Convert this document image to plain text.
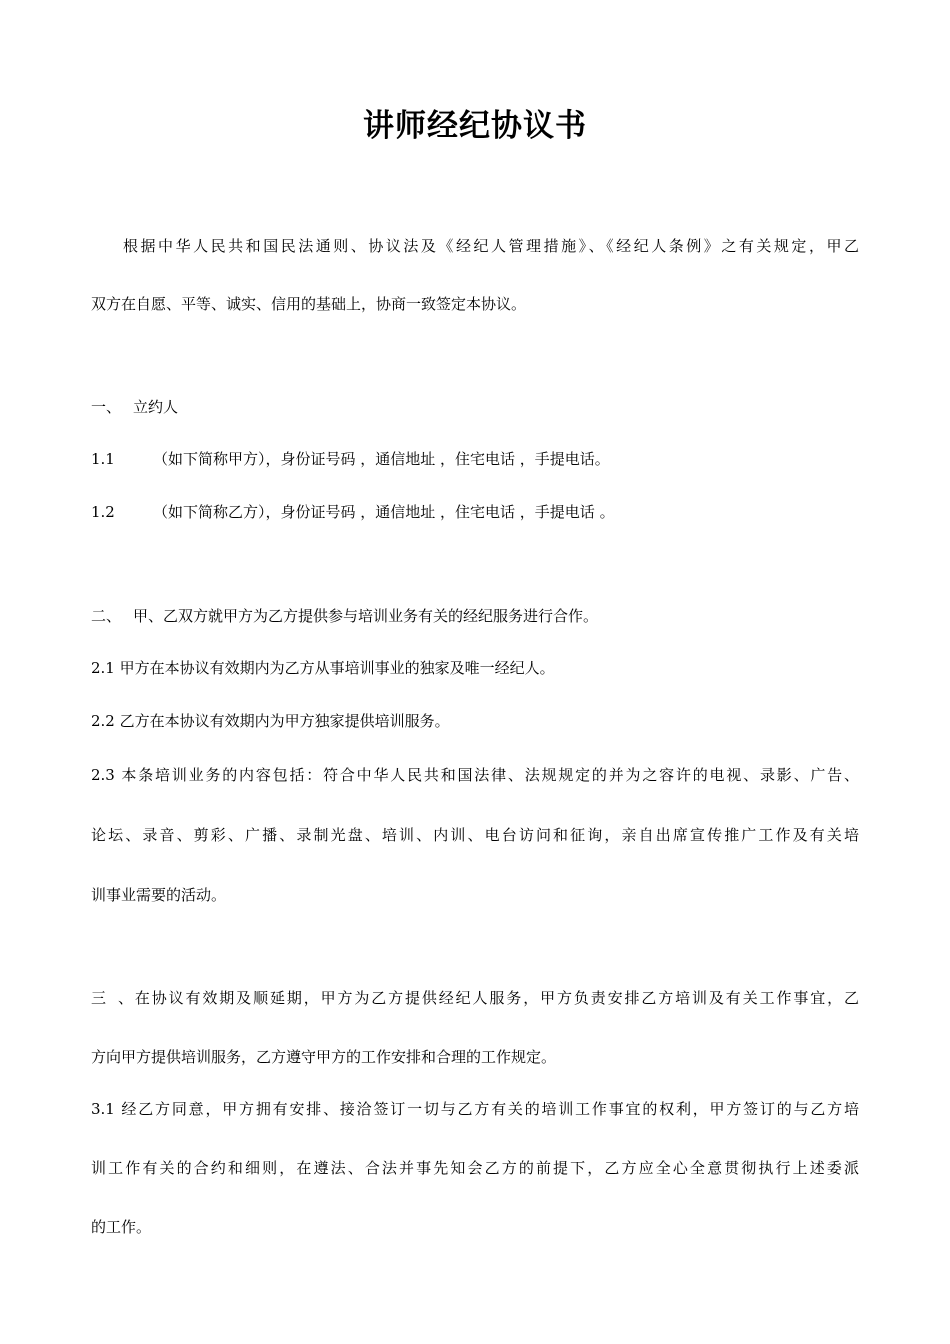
讲师经纪协议书
根据中华人民共和国民法通则、协议法及《经纪人管理措施》、《经纪人条例》之有关规定，甲乙
双方在自愿、平等、诚实、信用的基础上，协商一致签定本协议。
一、 立约人
1.1	（如下简称甲方），身份证号码 ，通信地址 ，住宅电话 ，手提电话。
1.2	（如下简称乙方），身份证号码 ，通信地址 ，住宅电话 ，手提电话 。
二、 甲、乙双方就甲方为乙方提供参与培训业务有关的经纪服务进行合作。
2.1 甲方在本协议有效期内为乙方从事培训事业的独家及唯一经纪人。
2.2 乙方在本协议有效期内为甲方独家提供培训服务。
2.3 本条培训业务的内容包括：符合中华人民共和国法律、法规规定的并为之容许的电视、录影、广告、
论坛、录音、剪彩、广播、录制光盘、培训、内训、电台访问和征询，亲自出席宣传推广工作及有关培
训事业需要的活动。
三、在协议有效期及顺延期，甲方为乙方提供经纪人服务，甲方负责安排乙方培训及有关工作事宜，乙
方向甲方提供培训服务，乙方遵守甲方的工作安排和合理的工作规定。
3.1 经乙方同意，甲方拥有安排、接洽签订一切与乙方有关的培训工作事宜的权利，甲方签订的与乙方培
训工作有关的合约和细则，在遵法、合法并事先知会乙方的前提下，乙方应全心全意贯彻执行上述委派
的工作。
